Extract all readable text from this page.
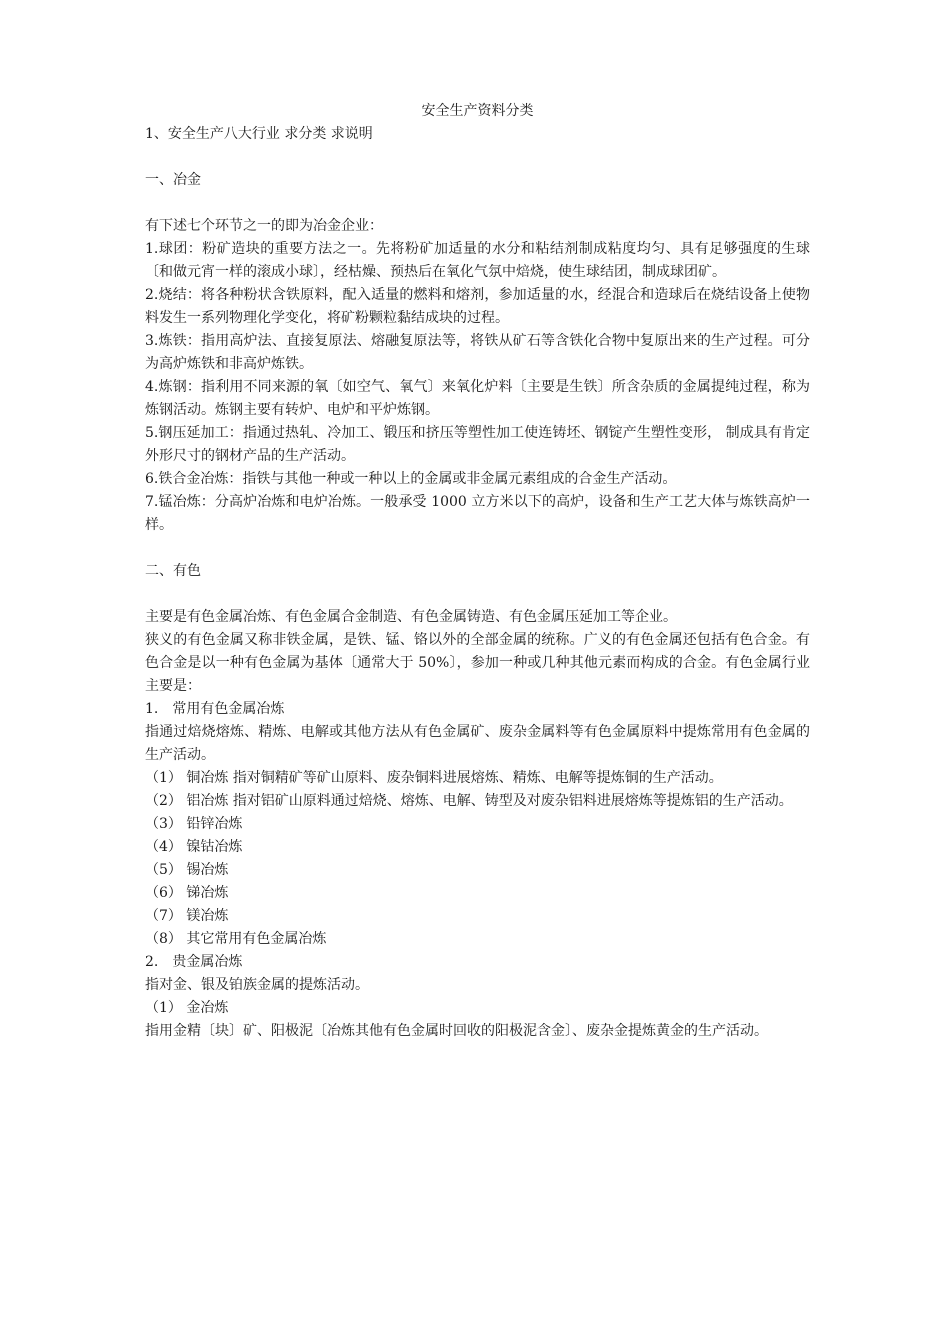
安全生产资料分类

1、安全生产八大行业 求分类 求说明

一、冶金

有下述七个环节之一的即为冶金企业：

1.球团：粉矿造块的重要方法之一。先将粉矿加适量的水分和粘结剂制成粘度均匀、具有足够强度的生球〔和做元宵一样的滚成小球〕，经枯燥、预热后在氧化气氛中焙烧，使生球结团，制成球团矿。

2.烧结：将各种粉状含铁原料，配入适量的燃料和熔剂，参加适量的水，经混合和造球后在烧结设备上使物料发生一系列物理化学变化，将矿粉颗粒黏结成块的过程。

3.炼铁：指用高炉法、直接复原法、熔融复原法等，将铁从矿石等含铁化合物中复原出来的生产过程。可分为高炉炼铁和非高炉炼铁。

4.炼钢：指利用不同来源的氧〔如空气、氧气〕来氧化炉料〔主要是生铁〕所含杂质的金属提纯过程，称为炼钢活动。炼钢主要有转炉、电炉和平炉炼钢。

5.钢压延加工：指通过热轧、冷加工、锻压和挤压等塑性加工使连铸坯、钢锭产生塑性变形， 制成具有肯定外形尺寸的钢材产品的生产活动。

6.铁合金冶炼：指铁与其他一种或一种以上的金属或非金属元素组成的合金生产活动。

7.锰冶炼：分高炉冶炼和电炉冶炼。一般承受 1000 立方米以下的高炉，设备和生产工艺大体与炼铁高炉一样。

二、有色

主要是有色金属冶炼、有色金属合金制造、有色金属铸造、有色金属压延加工等企业。

狭义的有色金属又称非铁金属，是铁、锰、铬以外的全部金属的统称。广义的有色金属还包括有色合金。有色合金是以一种有色金属为基体〔通常大于 50%〕，参加一种或几种其他元素而构成的合金。有色金属行业主要是：

1.　常用有色金属冶炼

指通过焙烧熔炼、精炼、电解或其他方法从有色金属矿、废杂金属料等有色金属原料中提炼常用有色金属的生产活动。

（1） 铜冶炼 指对铜精矿等矿山原料、废杂铜料进展熔炼、精炼、电解等提炼铜的生产活动。

（2） 铝冶炼 指对铝矿山原料通过焙烧、熔炼、电解、铸型及对废杂铝料进展熔炼等提炼铝的生产活动。

（3） 铅锌冶炼

（4） 镍钴冶炼

（5） 锡冶炼

（6） 锑冶炼

（7） 镁冶炼

（8） 其它常用有色金属冶炼

2.　贵金属冶炼

指对金、银及铂族金属的提炼活动。

（1） 金冶炼

指用金精〔块〕矿、阳极泥〔冶炼其他有色金属时回收的阳极泥含金〕、废杂金提炼黄金的生产活动。
